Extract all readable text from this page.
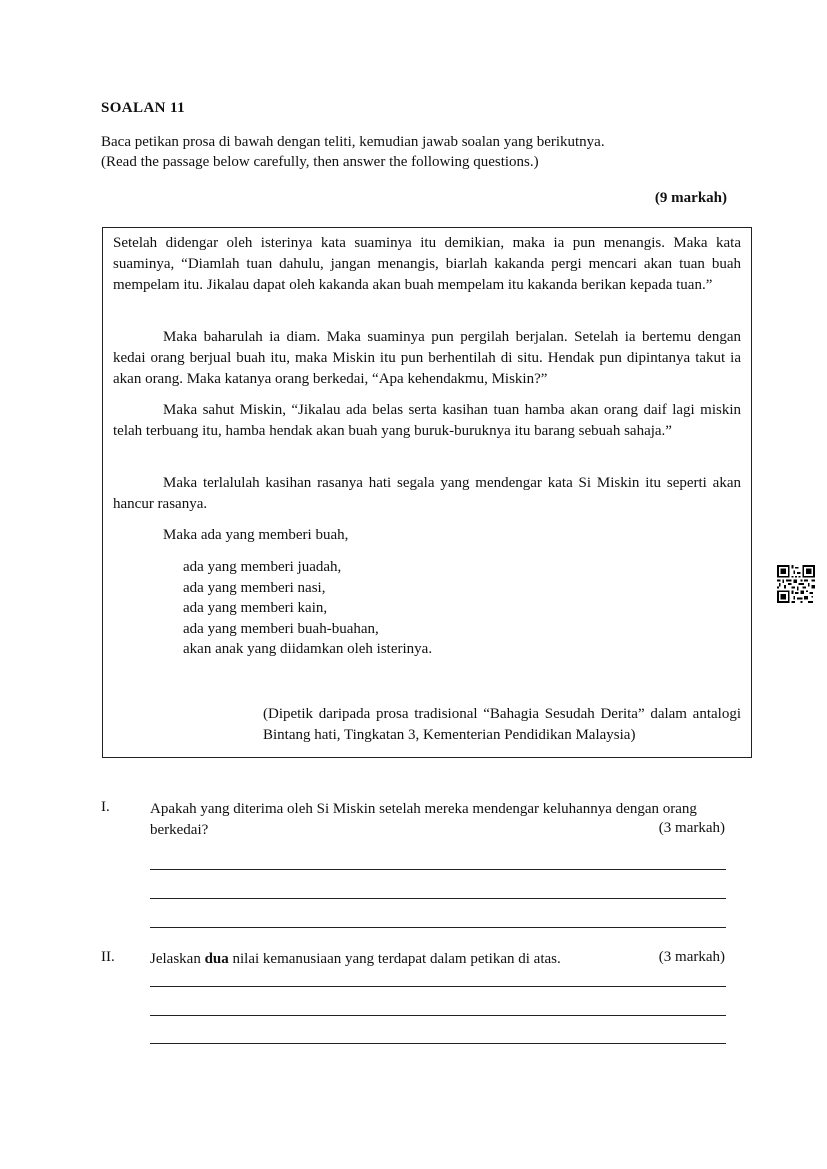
SOALAN 11
Baca petikan prosa di bawah dengan teliti, kemudian jawab soalan yang berikutnya.
(Read the passage below carefully, then answer the following questions.)
(9 markah)
Setelah didengar oleh isterinya kata suaminya itu demikian, maka ia pun menangis. Maka kata suaminya, “Diamlah tuan dahulu, jangan menangis, biarlah kakanda pergi mencari akan tuan buah mempelam itu. Jikalau dapat oleh kakanda akan buah mempelam itu kakanda berikan kepada tuan.”
Maka baharulah ia diam. Maka suaminya pun pergilah berjalan. Setelah ia bertemu dengan kedai orang berjual buah itu, maka Miskin itu pun berhentilah di situ. Hendak pun dipintanya takut ia akan orang. Maka katanya orang berkedai, “Apa kehendakmu, Miskin?”
Maka sahut Miskin, “Jikalau ada belas serta kasihan tuan hamba akan orang daif lagi miskin telah terbuang itu, hamba hendak akan buah yang buruk-buruknya itu barang sebuah sahaja.”
Maka terlalulah kasihan rasanya hati segala yang mendengar kata Si Miskin itu seperti akan hancur rasanya.
Maka ada yang memberi buah,
ada yang memberi juadah,
ada yang memberi nasi,
ada yang memberi kain,
ada yang memberi buah-buahan,
akan anak yang diidamkan oleh isterinya.
(Dipetik daripada prosa tradisional “Bahagia Sesudah Derita” dalam antalogi Bintang hati, Tingkatan 3, Kementerian Pendidikan Malaysia)
I.	Apakah yang diterima oleh Si Miskin setelah mereka mendengar keluhannya dengan orang berkedai?	(3 markah)
II. Jelaskan dua nilai kemanusiaan yang terdapat dalam petikan di atas.	(3 markah)
